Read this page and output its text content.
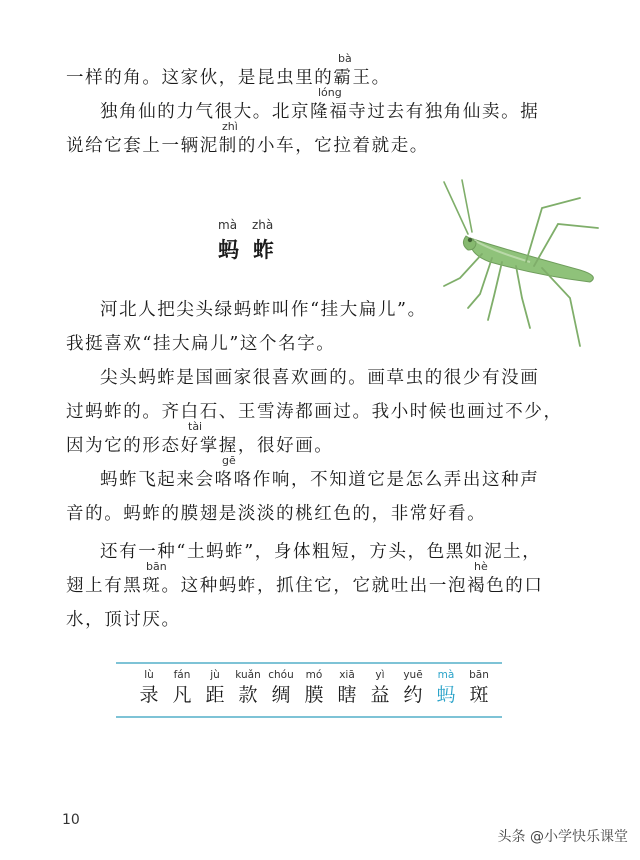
bà
一样的角。这家伙，是昆虫里的霸王。
lóng
独角仙的力气很大。北京隆福寺过去有独角仙卖。据
zhì
说给它套上一辆泥制的小车，它拉着就走。
mà zhà
蚂蚱
河北人把尖头绿蚂蚱叫作“挂大扁儿”。
我挺喜欢“挂大扁儿”这个名字。
尖头蚂蚱是国画家很喜欢画的。画草虫的很少有没画
过蚂蚱的。齐白石、王雪涛都画过。我小时候也画过不少，
tài
因为它的形态好掌握，很好画。
gē
蚂蚱飞起来会咯咯作响，不知道它是怎么弄出这种声
音的。蚂蚱的膜翅是淡淡的桃红色的，非常好看。
还有一种“土蚂蚱”，身体粗短，方头，色黑如泥土，
bān	hè
翅上有黑斑。这种蚂蚱，抓住它，它就吐出一泡褐色的口
水，顶讨厌。
lù
录
fán
凡
jù
距
kuǎn
款
chóu
绸
mó
膜
xiā
瞎
yì
益
yuē
约
mà
蚂
bān
斑
10
头条 @小学快乐课堂
